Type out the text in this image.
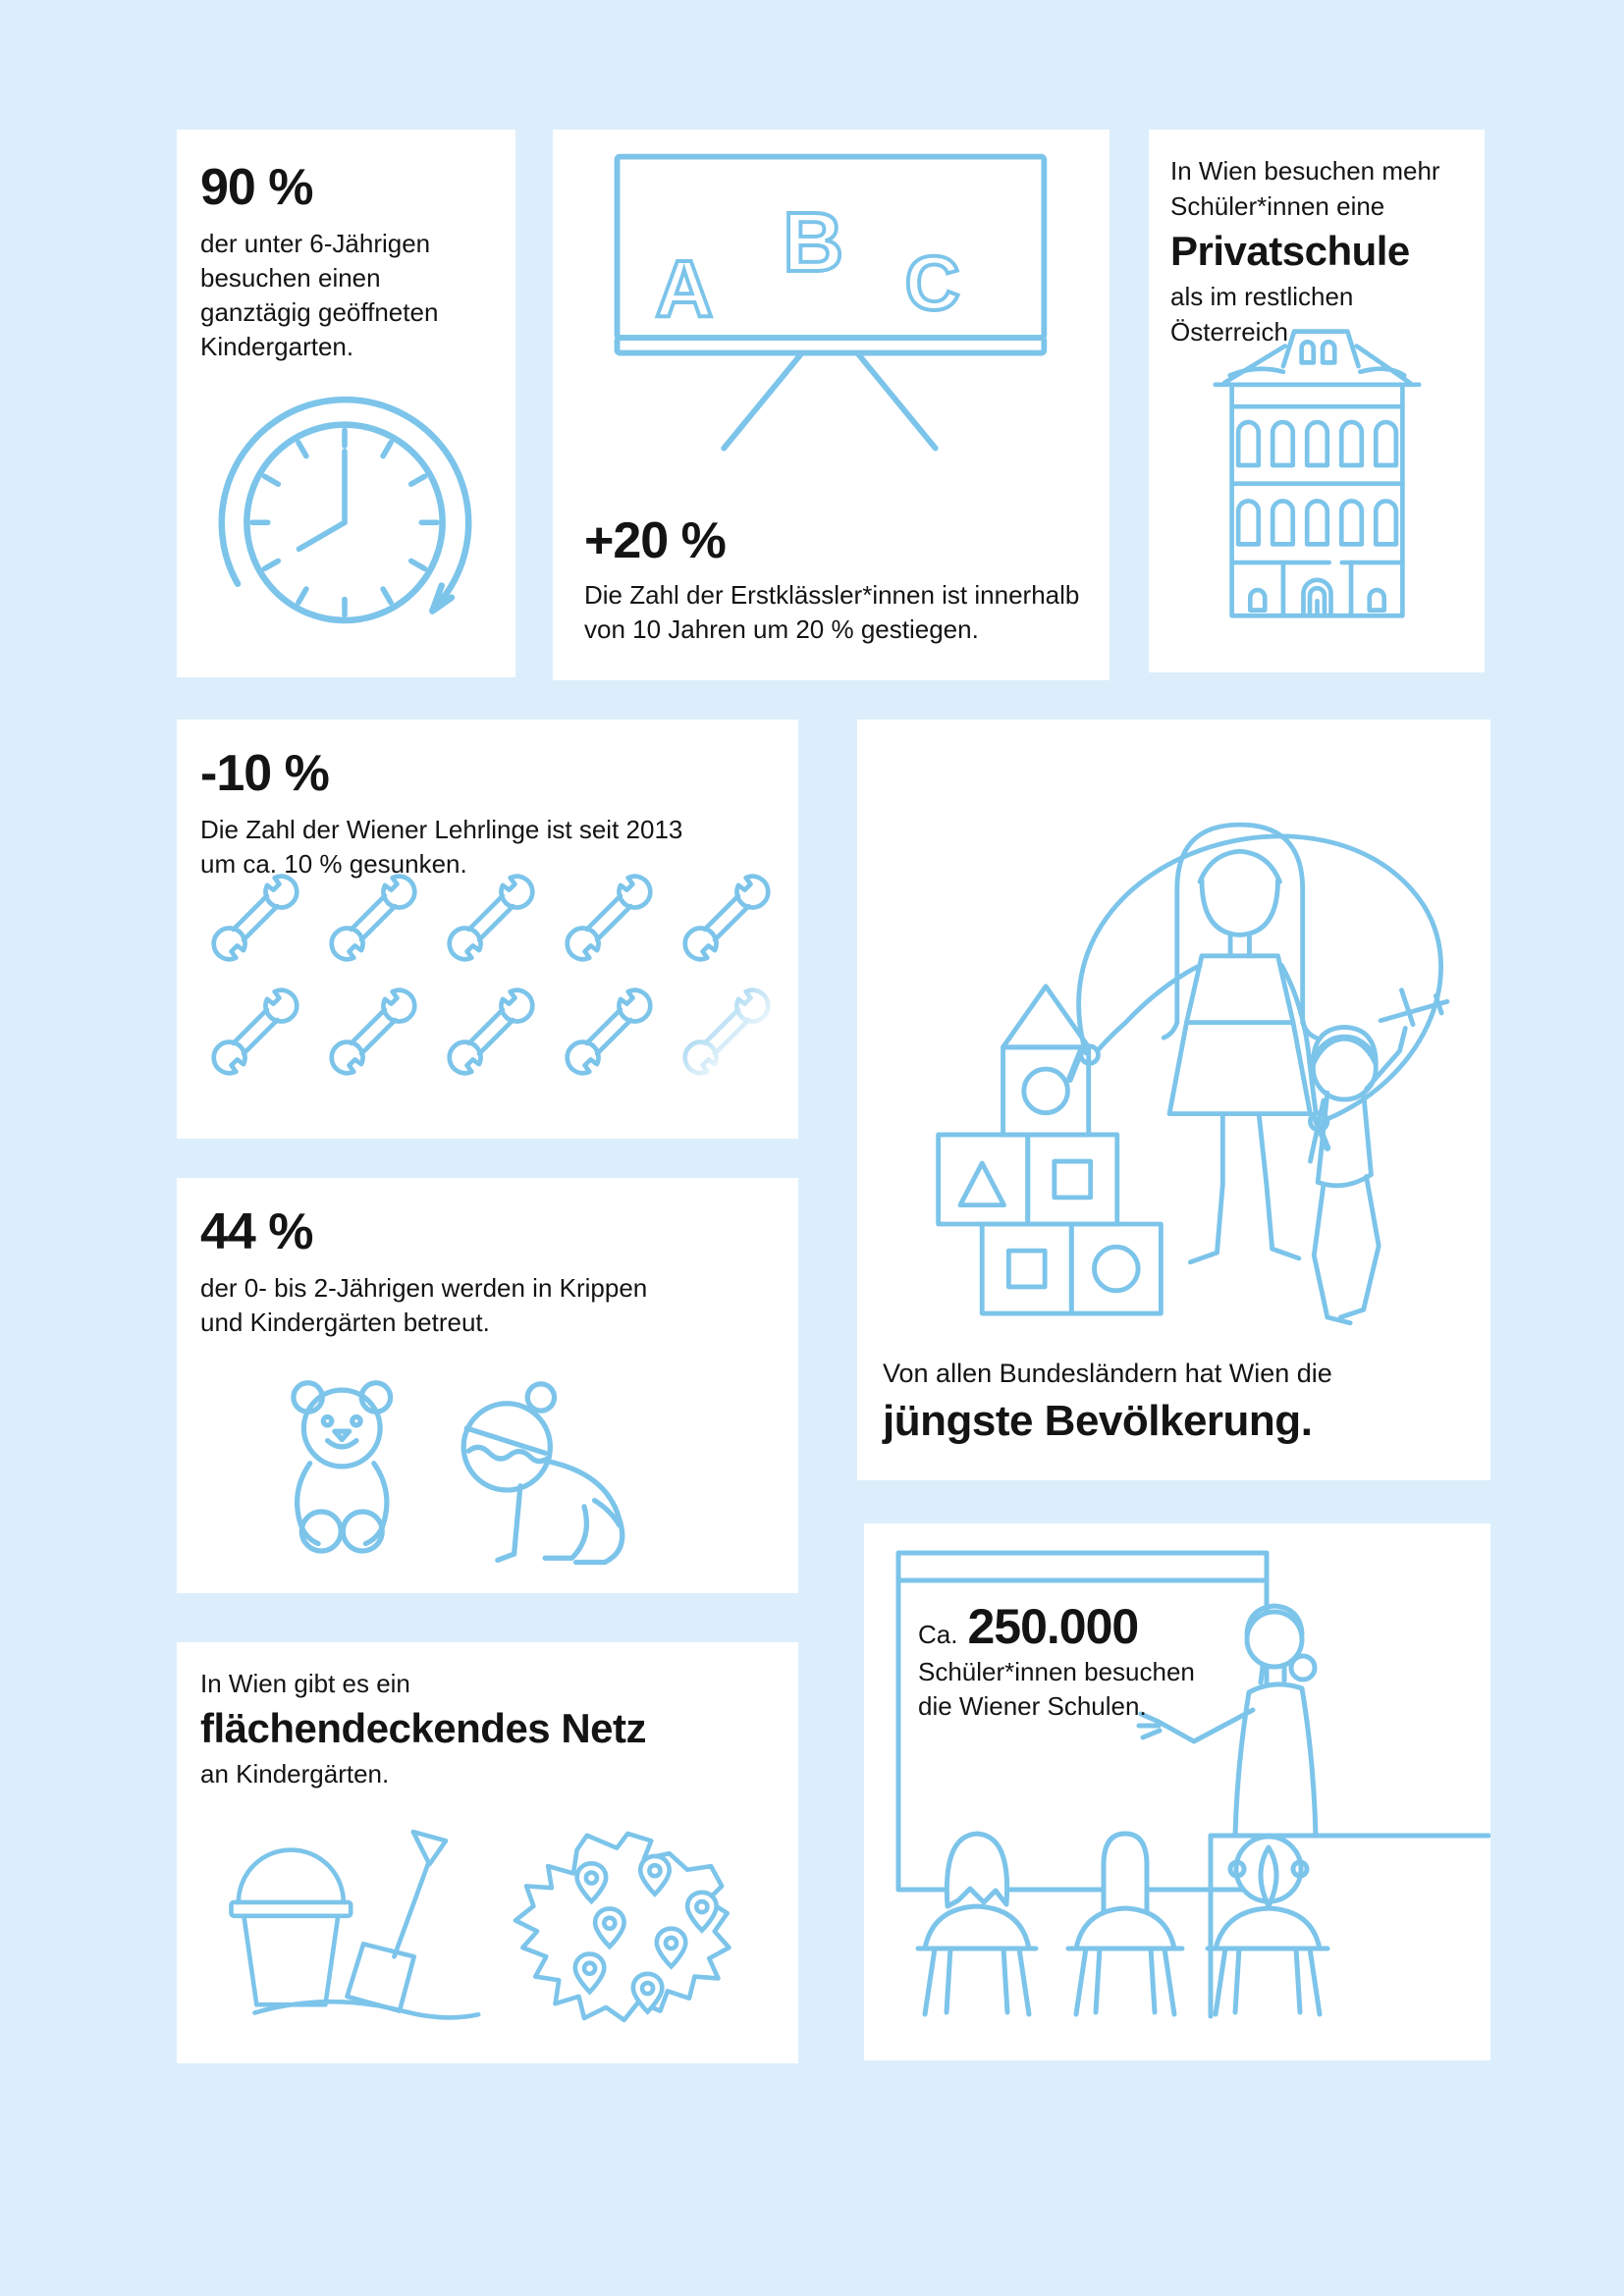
90 %
der unter 6-Jährigen
besuchen einen
ganztägig geöffneten
Kindergarten.
A
B C
+20 %
Die Zahl der Erstklässler*innen ist innerhalb
von 10 Jahren um 20 % gestiegen.
In Wien besuchen mehr
Schüler*innen eine
Privatschule
als im restlichen Österreich.
-10 %
Die Zahl der Wiener Lehrlinge ist seit 2013
um ca. 10 % gesunken.
Von allen Bundesländern hat Wien die
jüngste Bevölkerung.
44 %
der 0- bis 2-Jährigen werden in Krippen
und Kindergärten betreut.
In Wien gibt es ein
flächendeckendes Netz
an Kindergärten.
Ca. 250.000
Schüler*innen besuchen
die Wiener Schulen.
